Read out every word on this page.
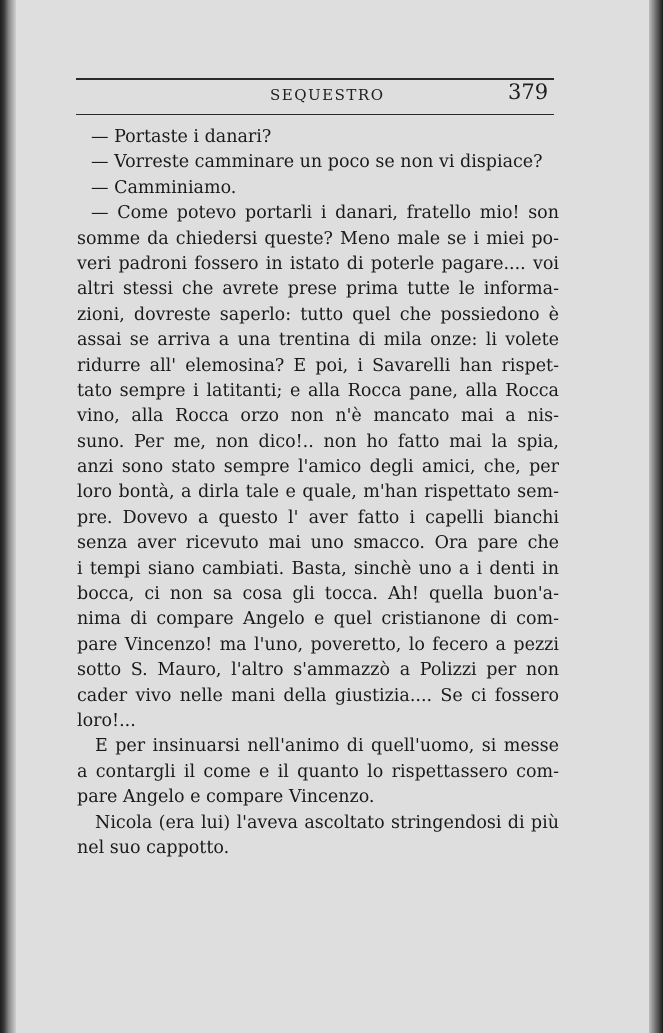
SEQUESTRO	379
— Portaste i danari?
— Vorreste camminare un poco se non vi dispiace?
— Camminiamo.
— Come potevo portarli i danari, fratello mio! son
somme da chiedersi queste? Meno male se i miei po-
veri padroni fossero in istato di poterle pagare.... voi
altri stessi che avrete prese prima tutte le informa-
zioni, dovreste saperlo: tutto quel che possiedono è
assai se arriva a una trentina di mila onze: li volete
ridurre all' elemosina? E poi, i Savarelli han rispet-
tato sempre i latitanti; e alla Rocca pane, alla Rocca
vino, alla Rocca orzo non n'è mancato mai a nis-
suno. Per me, non dico!.. non ho fatto mai la spia,
anzi sono stato sempre l'amico degli amici, che, per
loro bontà, a dirla tale e quale, m'han rispettato sem-
pre. Dovevo a questo l' aver fatto i capelli bianchi
senza aver ricevuto mai uno smacco. Ora pare che
i tempi siano cambiati. Basta, sinchè uno a i denti in
bocca, ci non sa cosa gli tocca. Ah! quella buon'a-
nima di compare Angelo e quel cristianone di com-
pare Vincenzo! ma l'uno, poveretto, lo fecero a pezzi
sotto S. Mauro, l'altro s'ammazzò a Polizzi per non
cader vivo nelle mani della giustizia.... Se ci fossero
loro!...
E per insinuarsi nell'animo di quell'uomo, si messe
a contargli il come e il quanto lo rispettassero com-
pare Angelo e compare Vincenzo.
Nicola (era lui) l'aveva ascoltato stringendosi di più
nel suo cappotto.
